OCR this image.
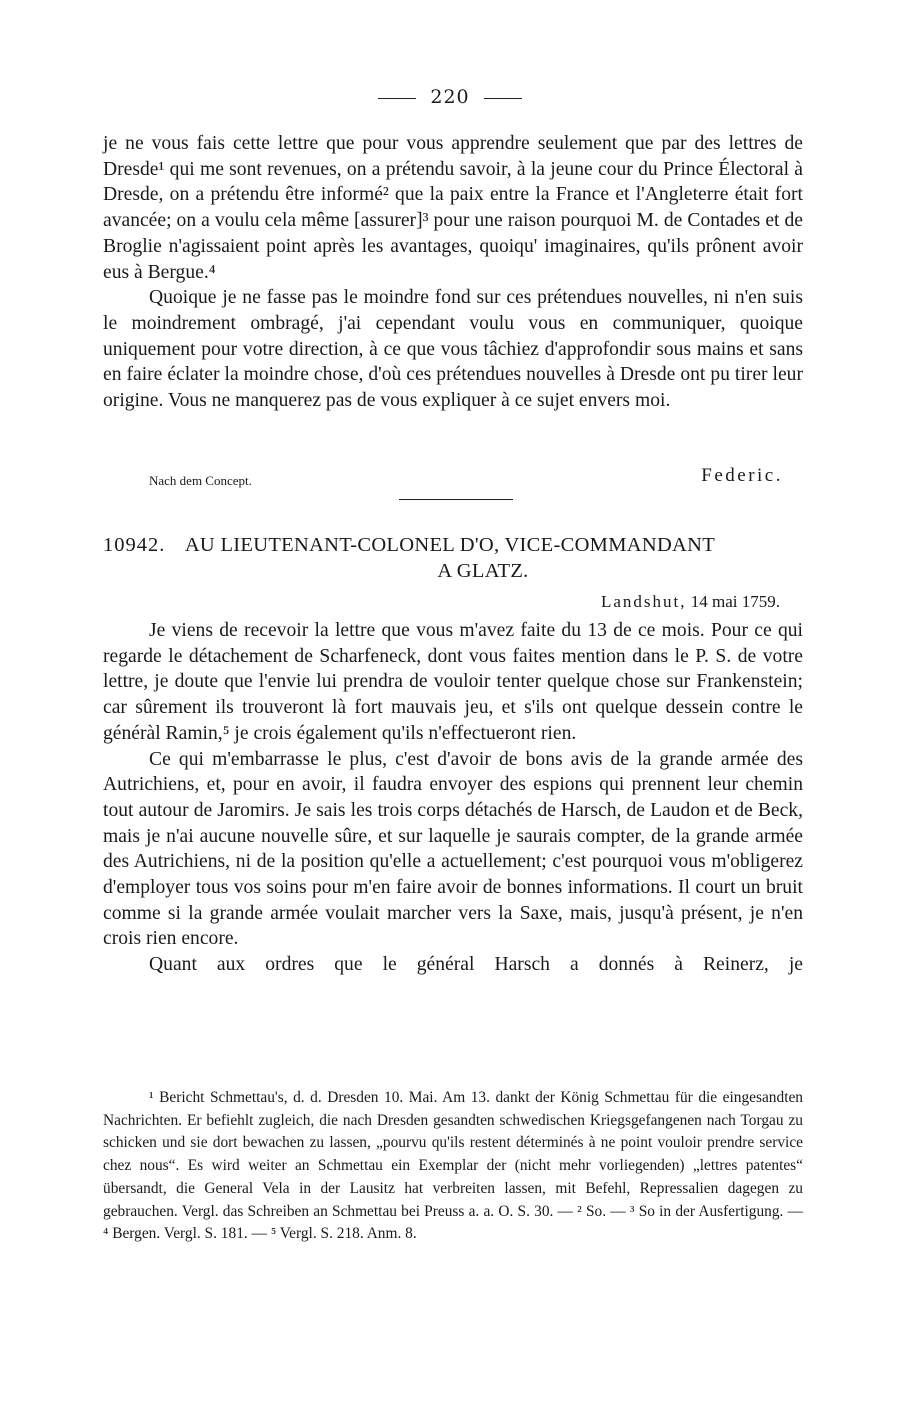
220

je ne vous fais cette lettre que pour vous apprendre seulement que par des lettres de Dresde¹ qui me sont revenues, on a prétendu savoir, à la jeune cour du Prince Électoral à Dresde, on a prétendu être informé² que la paix entre la France et l'Angleterre était fort avancée; on a voulu cela même [assurer]³ pour une raison pourquoi M. de Contades et de Broglie n'agissaient point après les avantages, quoiqu' imaginaires, qu'ils prônent avoir eus à Bergue.⁴

Quoique je ne fasse pas le moindre fond sur ces prétendues nouvelles, ni n'en suis le moindrement ombragé, j'ai cependant voulu vous en communiquer, quoique uniquement pour votre direction, à ce que vous tâchiez d'approfondir sous mains et sans en faire éclater la moindre chose, d'où ces prétendues nouvelles à Dresde ont pu tirer leur origine. Vous ne manquerez pas de vous expliquer à ce sujet envers moi.

Nach dem Concept.	Federic.
10942. AU LIEUTENANT-COLONEL D'O, VICE-COMMANDANT
A GLATZ.
Landshut, 14 mai 1759.

Je viens de recevoir la lettre que vous m'avez faite du 13 de ce mois. Pour ce qui regarde le détachement de Scharfeneck, dont vous faites mention dans le P. S. de votre lettre, je doute que l'envie lui prendra de vouloir tenter quelque chose sur Frankenstein; car sûrement ils trouveront là fort mauvais jeu, et s'ils ont quelque dessein contre le généràl Ramin,⁵ je crois également qu'ils n'effectueront rien.

Ce qui m'embarrasse le plus, c'est d'avoir de bons avis de la grande armée des Autrichiens, et, pour en avoir, il faudra envoyer des espions qui prennent leur chemin tout autour de Jaromirs. Je sais les trois corps détachés de Harsch, de Laudon et de Beck, mais je n'ai aucune nouvelle sûre, et sur laquelle je saurais compter, de la grande armée des Autrichiens, ni de la position qu'elle a actuellement; c'est pourquoi vous m'obligerez d'employer tous vos soins pour m'en faire avoir de bonnes informations. Il court un bruit comme si la grande armée voulait marcher vers la Saxe, mais, jusqu'à présent, je n'en crois rien encore.

Quant aux ordres que le général Harsch a donnés à Reinerz, je

¹ Bericht Schmettau's, d. d. Dresden 10. Mai. Am 13. dankt der König Schmettau für die eingesandten Nachrichten. Er befiehlt zugleich, die nach Dresden gesandten schwedischen Kriegsgefangenen nach Torgau zu schicken und sie dort bewachen zu lassen, „pourvu qu'ils restent déterminés à ne point vouloir prendre service chez nous“. Es wird weiter an Schmettau ein Exemplar der (nicht mehr vorliegenden) „lettres patentes“ übersandt, die General Vela in der Lausitz hat verbreiten lassen, mit Befehl, Repressalien dagegen zu gebrauchen. Vergl. das Schreiben an Schmettau bei Preuss a. a. O. S. 30. — ² So. — ³ So in der Ausfertigung. — ⁴ Bergen. Vergl. S. 181. — ⁵ Vergl. S. 218. Anm. 8.
